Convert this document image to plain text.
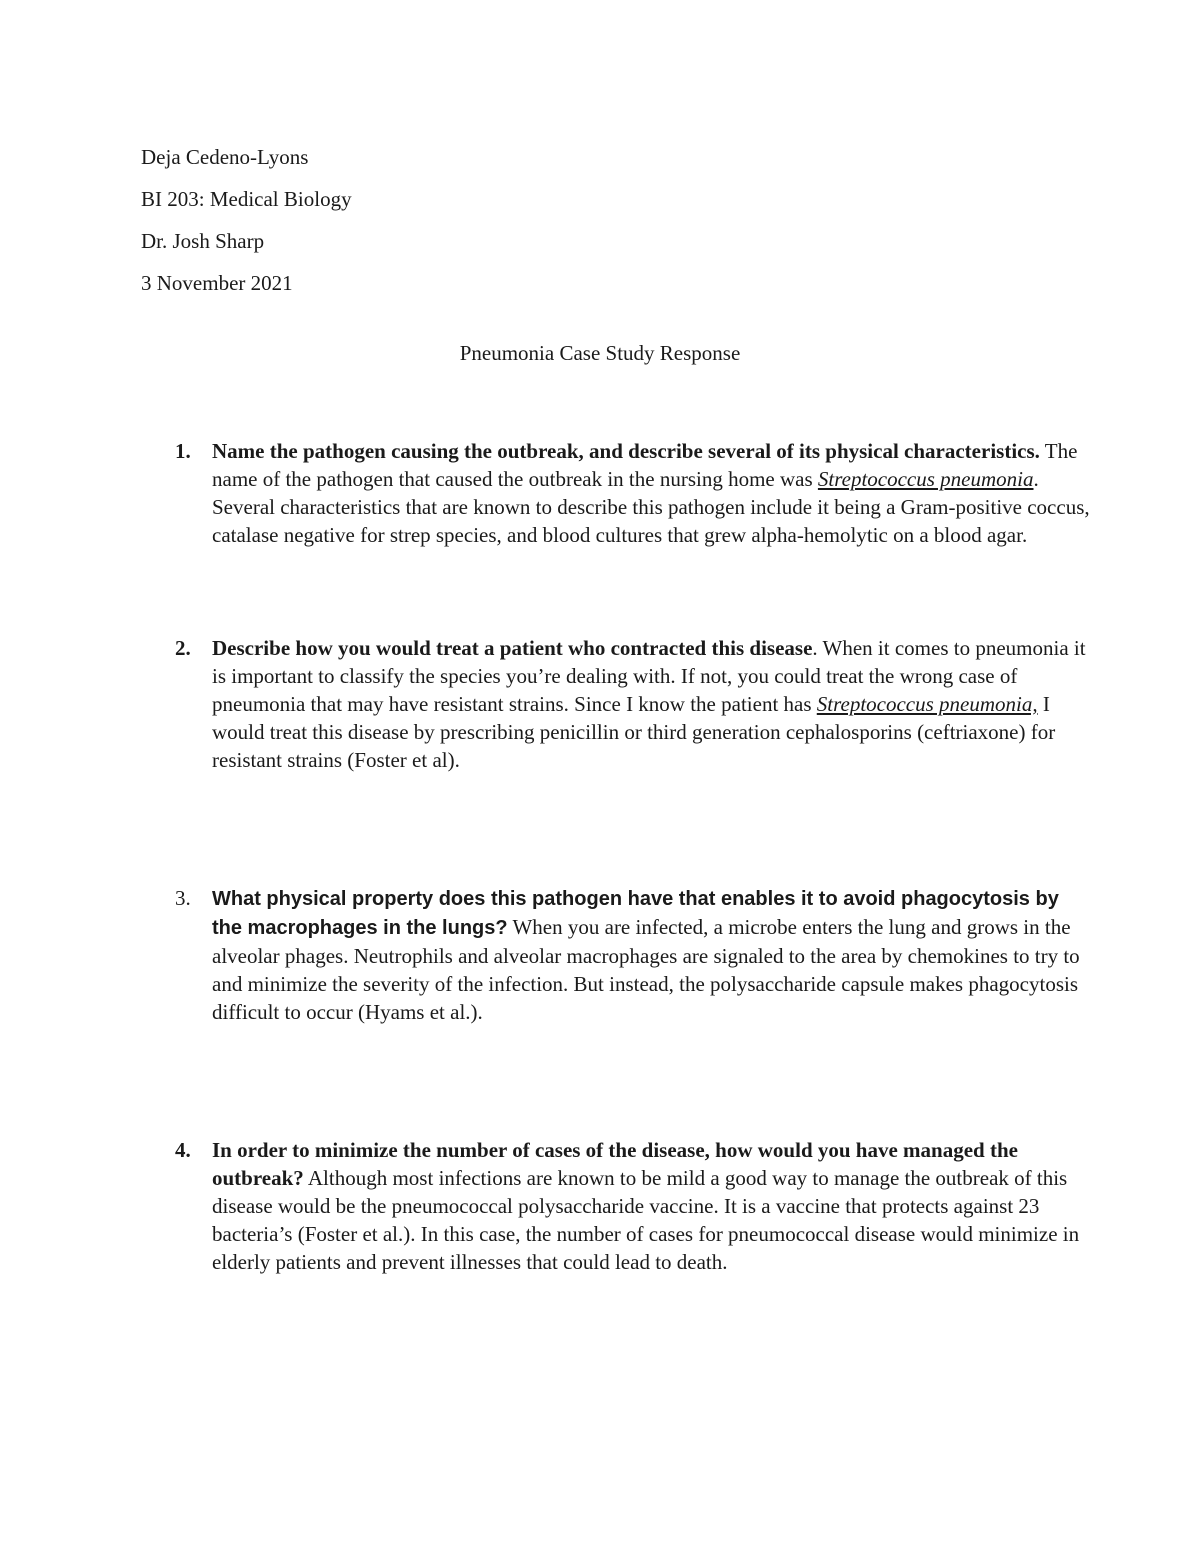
Deja Cedeno-Lyons

BI 203: Medical Biology

Dr. Josh Sharp

3 November 2021

Pneumonia Case Study Response

1.	Name the pathogen causing the outbreak, and describe several of its physical characteristics. The name of the pathogen that caused the outbreak in the nursing home was Streptococcus pneumonia. Several characteristics that are known to describe this pathogen include it being a Gram-positive coccus, catalase negative for strep species, and blood cultures that grew alpha-hemolytic on a blood agar.
2.	Describe how you would treat a patient who contracted this disease. When it comes to pneumonia it is important to classify the species you’re dealing with. If not, you could treat the wrong case of pneumonia that may have resistant strains. Since I know the patient has Streptococcus pneumonia, I would treat this disease by prescribing penicillin or third generation cephalosporins (ceftriaxone) for resistant strains (Foster et al).
3.	What physical property does this pathogen have that enables it to avoid phagocytosis by the macrophages in the lungs? When you are infected, a microbe enters the lung and grows in the alveolar phages. Neutrophils and alveolar macrophages are signaled to the area by chemokines to try to and minimize the severity of the infection. But instead, the polysaccharide capsule makes phagocytosis difficult to occur (Hyams et al.).
4.	In order to minimize the number of cases of the disease, how would you have managed the outbreak? Although most infections are known to be mild a good way to manage the outbreak of this disease would be the pneumococcal polysaccharide vaccine. It is a vaccine that protects against 23 bacteria’s (Foster et al.). In this case, the number of cases for pneumococcal disease would minimize in elderly patients and prevent illnesses that could lead to death.
